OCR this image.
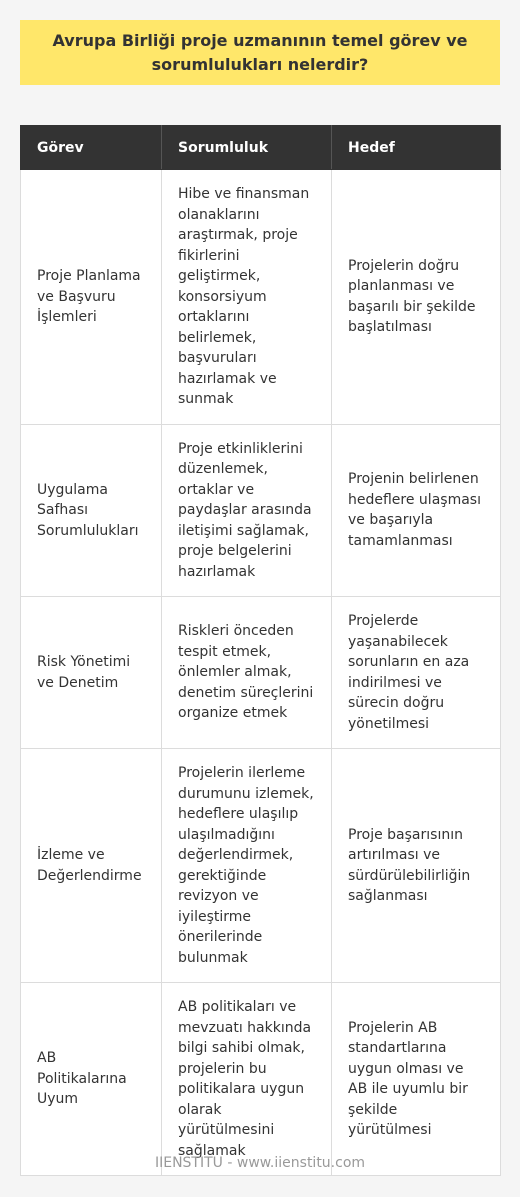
Avrupa Birliği proje uzmanının temel görev ve sorumlulukları nelerdir?
Görev	Sorumluluk	Hedef
Proje Planlama ve Başvuru İşlemleri	Hibe ve finansman olanaklarını araştırmak, proje fikirlerini geliştirmek, konsorsiyum ortaklarını belirlemek, başvuruları hazırlamak ve sunmak	Projelerin doğru planlanması ve başarılı bir şekilde başlatılması
Uygulama Safhası Sorumlulukları	Proje etkinliklerini düzenlemek, ortaklar ve paydaşlar arasında iletişimi sağlamak, proje belgelerini hazırlamak	Projenin belirlenen hedeflere ulaşması ve başarıyla tamamlanması
Risk Yönetimi ve Denetim	Riskleri önceden tespit etmek, önlemler almak, denetim süreçlerini organize etmek	Projelerde yaşanabilecek sorunların en aza indirilmesi ve sürecin doğru yönetilmesi
İzleme ve Değerlendirme	Projelerin ilerleme durumunu izlemek, hedeflere ulaşılıp ulaşılmadığını değerlendirmek, gerektiğinde revizyon ve iyileştirme önerilerinde bulunmak	Proje başarısının artırılması ve sürdürülebilirliğin sağlanması
AB Politikalarına Uyum	AB politikaları ve mevzuatı hakkında bilgi sahibi olmak, projelerin bu politikalara uygun olarak yürütülmesini sağlamak	Projelerin AB standartlarına uygun olması ve AB ile uyumlu bir şekilde yürütülmesi
IIENSTITU - www.iienstitu.com
